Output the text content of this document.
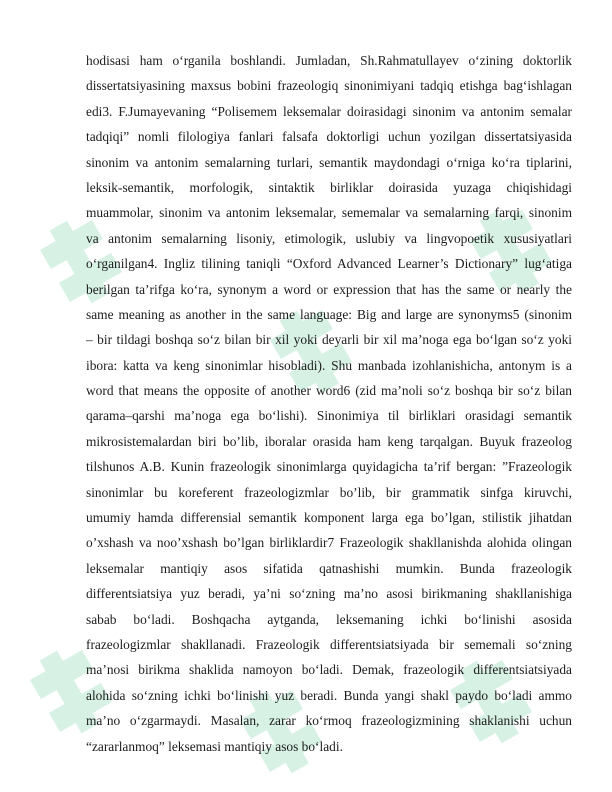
hodisasi ham o‘rganila boshlandi. Jumladan, Sh.Rahmatullayev o‘zining doktorlik
dissertatsiyasining maxsus bobini frazeologiq sinonimiyani tadqiq etishga bag‘ishlagan
edi3. F.Jumayevaning “Polisemem leksemalar doirasidagi sinonim va antonim semalar
tadqiqi” nomli filologiya fanlari falsafa doktorligi uchun yozilgan dissertatsiyasida
sinonim va antonim semalarning turlari, semantik maydondagi o‘rniga ko‘ra tiplarini,
leksik-semantik, morfologik, sintaktik birliklar doirasida yuzaga chiqishidagi
muammolar, sinonim va antonim leksemalar, sememalar va semalarning farqi, sinonim
va antonim semalarning lisoniy, etimologik, uslubiy va lingvopoetik xususiyatlari
o‘rganilgan4. Ingliz tilining taniqli “Oxford Advanced Learner’s Dictionary” lug‘atiga
berilgan ta’rifga ko‘ra, synonym a word or expression that has the same or nearly the
same meaning as another in the same language: Big and large are synonyms5 (sinonim
– bir tildagi boshqa so‘z bilan bir xil yoki deyarli bir xil ma’noga ega bo‘lgan so‘z yoki
ibora: katta va keng sinonimlar hisobladi). Shu manbada izohlanishicha, antonym is a
word that means the opposite of another word6 (zid ma’noli so‘z boshqa bir so‘z bilan
qarama–qarshi ma’noga ega bo‘lishi). Sinonimiya til birliklari orasidagi semantik
mikrosistemalardan biri bo’lib, iboralar orasida ham keng tarqalgan. Buyuk frazeolog
tilshunos A.B. Kunin frazeologik sinonimlarga quyidagicha ta’rif bergan: ”Frazeologik
sinonimlar bu koreferent frazeologizmlar bo’lib, bir grammatik sinfga kiruvchi,
umumiy hamda differensial semantik komponent larga ega bo’lgan, stilistik jihatdan
o’xshash va noo’xshash bo’lgan birliklardir7 Frazeologik shakllanishda alohida olingan
leksemalar mantiqiy asos sifatida qatnashishi mumkin. Bunda frazeologik
differentsiatsiya yuz beradi, ya’ni so‘zning ma’no asosi birikmaning shakllanishiga
sabab bo‘ladi. Boshqacha aytganda, leksemaning ichki bo‘linishi asosida
frazeologizmlar shakllanadi. Frazeologik differentsiatsiyada bir sememali so‘zning
ma’nosi birikma shaklida namoyon bo‘ladi. Demak, frazeologik differentsiatsiyada
alohida so‘zning ichki bo‘linishi yuz beradi. Bunda yangi shakl paydo bo‘ladi ammo
ma’no o‘zgarmaydi. Masalan, zarar ko‘rmoq frazeologizmining shaklanishi uchun
“zararlanmoq” leksemasi mantiqiy asos bo‘ladi.
